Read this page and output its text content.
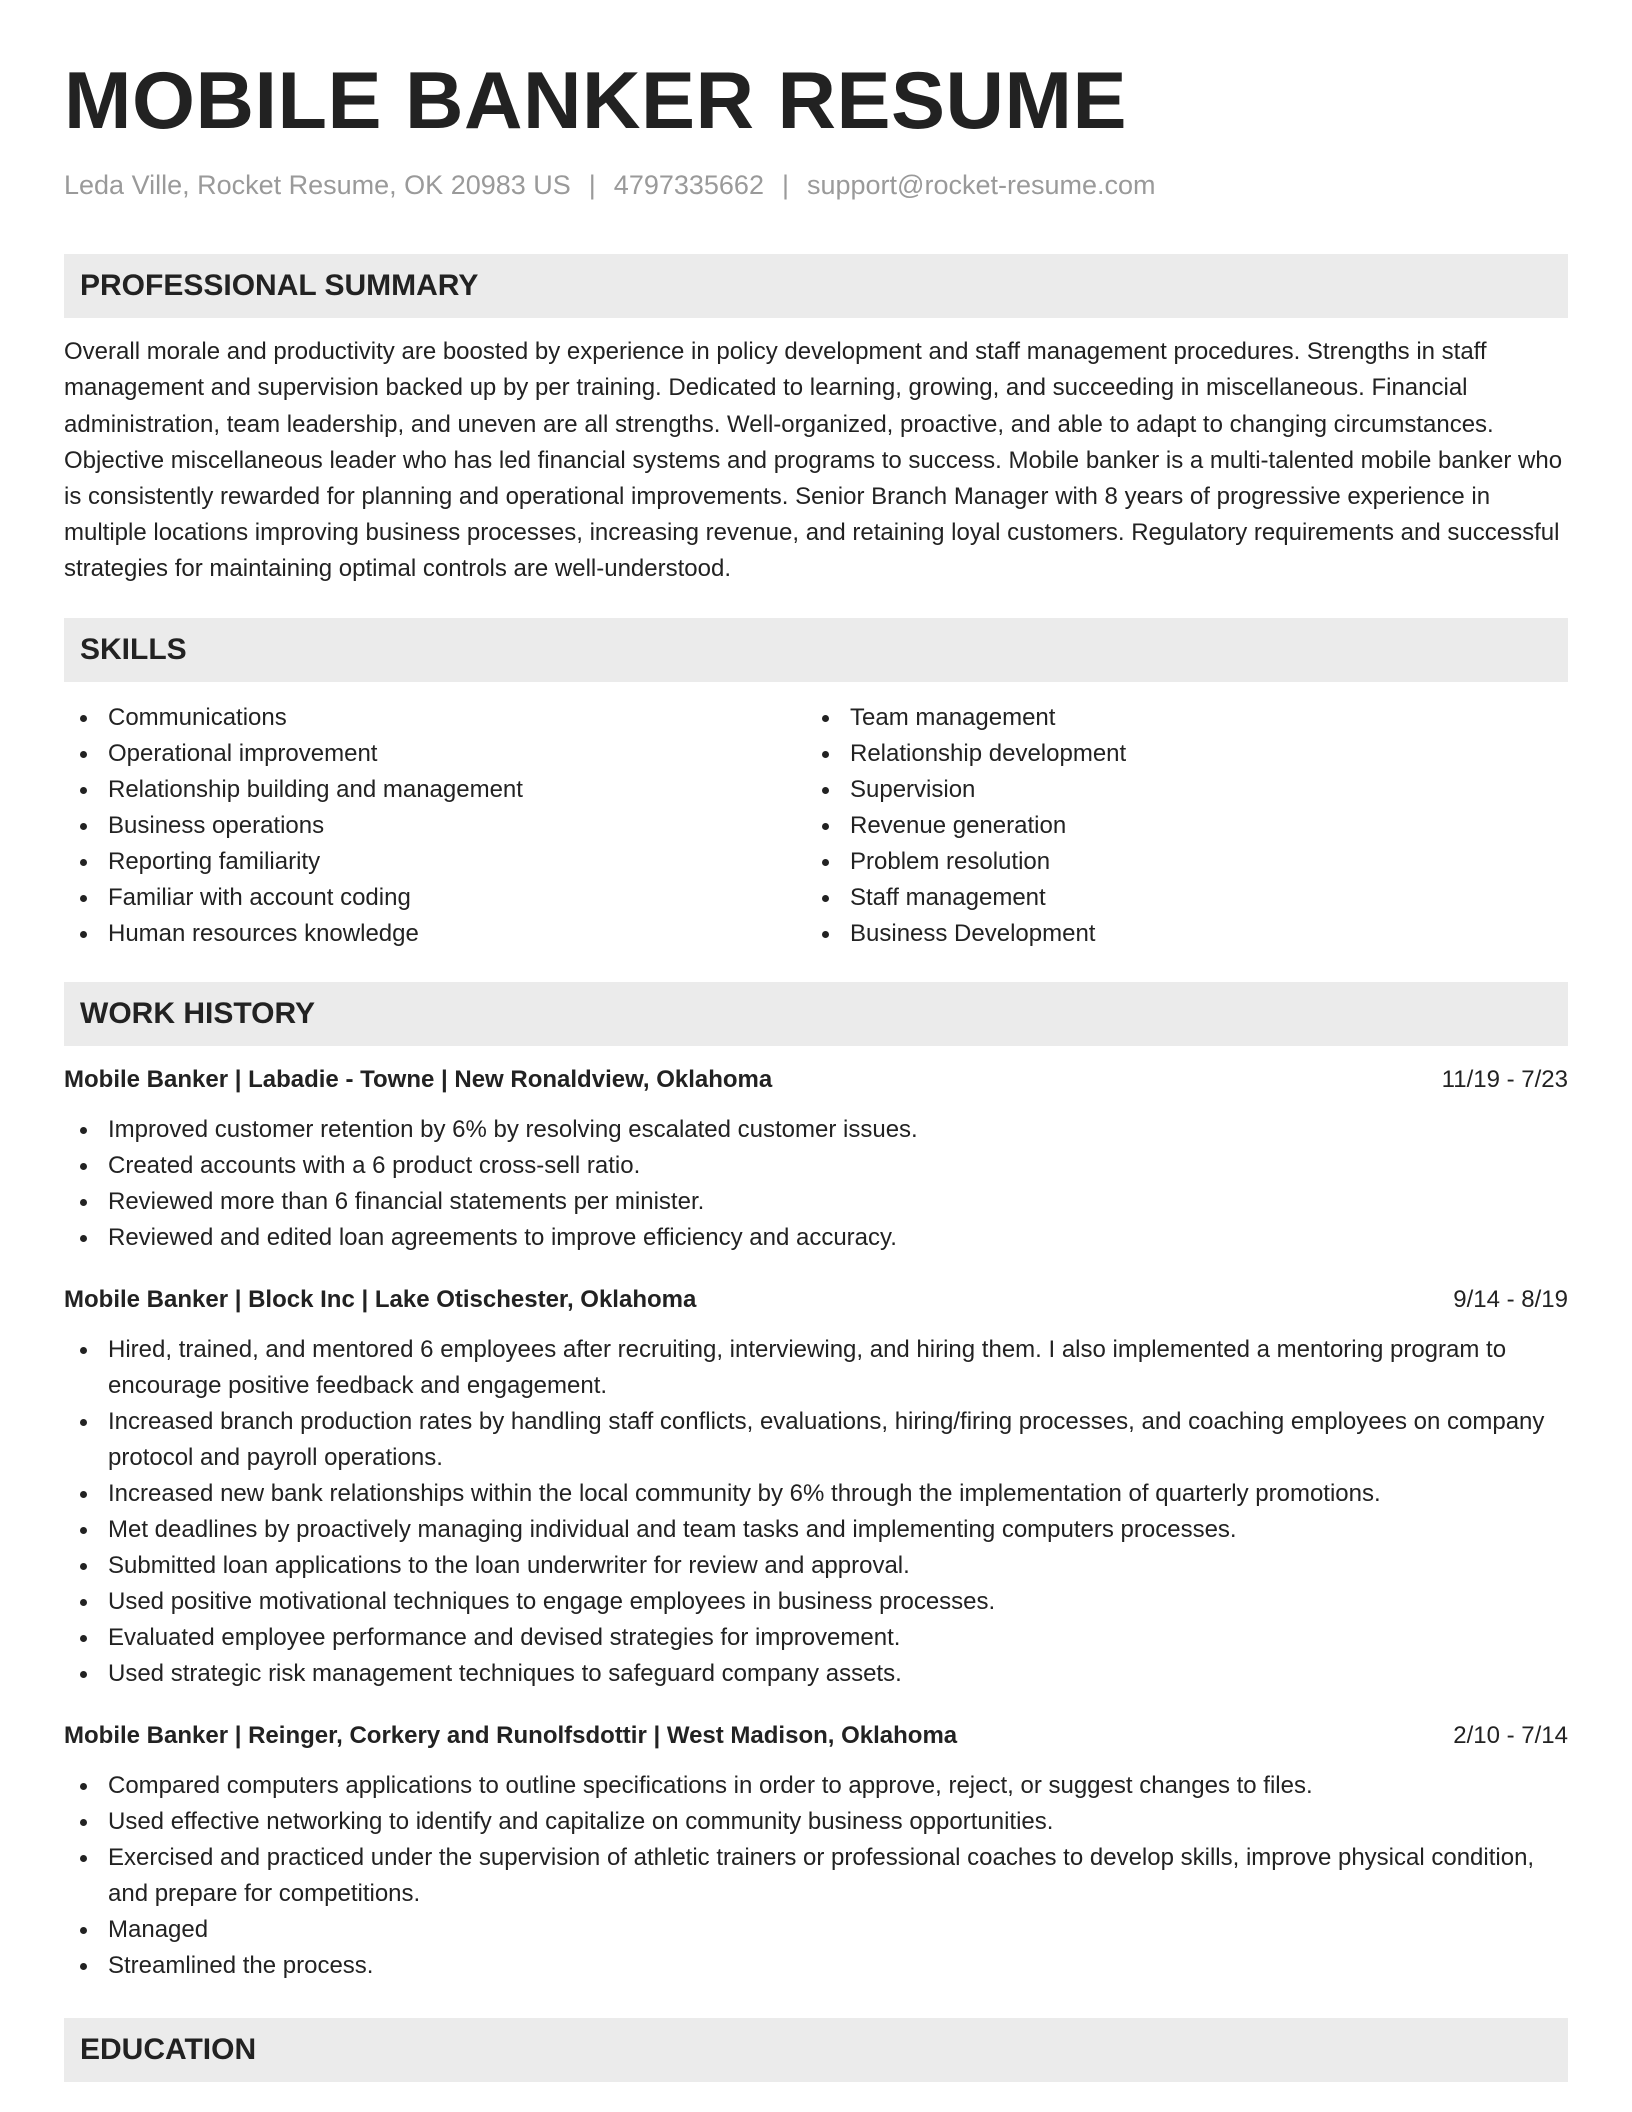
MOBILE BANKER RESUME
Leda Ville, Rocket Resume, OK 20983 US | 4797335662 | support@rocket-resume.com
PROFESSIONAL SUMMARY
Overall morale and productivity are boosted by experience in policy development and staff management procedures. Strengths in staff management and supervision backed up by per training. Dedicated to learning, growing, and succeeding in miscellaneous. Financial administration, team leadership, and uneven are all strengths. Well-organized, proactive, and able to adapt to changing circumstances. Objective miscellaneous leader who has led financial systems and programs to success. Mobile banker is a multi-talented mobile banker who is consistently rewarded for planning and operational improvements. Senior Branch Manager with 8 years of progressive experience in multiple locations improving business processes, increasing revenue, and retaining loyal customers. Regulatory requirements and successful strategies for maintaining optimal controls are well-understood.
SKILLS
Communications
Operational improvement
Relationship building and management
Business operations
Reporting familiarity
Familiar with account coding
Human resources knowledge
Team management
Relationship development
Supervision
Revenue generation
Problem resolution
Staff management
Business Development
WORK HISTORY
Mobile Banker | Labadie - Towne | New Ronaldview, Oklahoma	11/19 - 7/23
Improved customer retention by 6% by resolving escalated customer issues.
Created accounts with a 6 product cross-sell ratio.
Reviewed more than 6 financial statements per minister.
Reviewed and edited loan agreements to improve efficiency and accuracy.
Mobile Banker | Block Inc | Lake Otischester, Oklahoma	9/14 - 8/19
Hired, trained, and mentored 6 employees after recruiting, interviewing, and hiring them. I also implemented a mentoring program to encourage positive feedback and engagement.
Increased branch production rates by handling staff conflicts, evaluations, hiring/firing processes, and coaching employees on company protocol and payroll operations.
Increased new bank relationships within the local community by 6% through the implementation of quarterly promotions.
Met deadlines by proactively managing individual and team tasks and implementing computers processes.
Submitted loan applications to the loan underwriter for review and approval.
Used positive motivational techniques to engage employees in business processes.
Evaluated employee performance and devised strategies for improvement.
Used strategic risk management techniques to safeguard company assets.
Mobile Banker | Reinger, Corkery and Runolfsdottir | West Madison, Oklahoma	2/10 - 7/14
Compared computers applications to outline specifications in order to approve, reject, or suggest changes to files.
Used effective networking to identify and capitalize on community business opportunities.
Exercised and practiced under the supervision of athletic trainers or professional coaches to develop skills, improve physical condition, and prepare for competitions.
Managed
Streamlined the process.
EDUCATION
